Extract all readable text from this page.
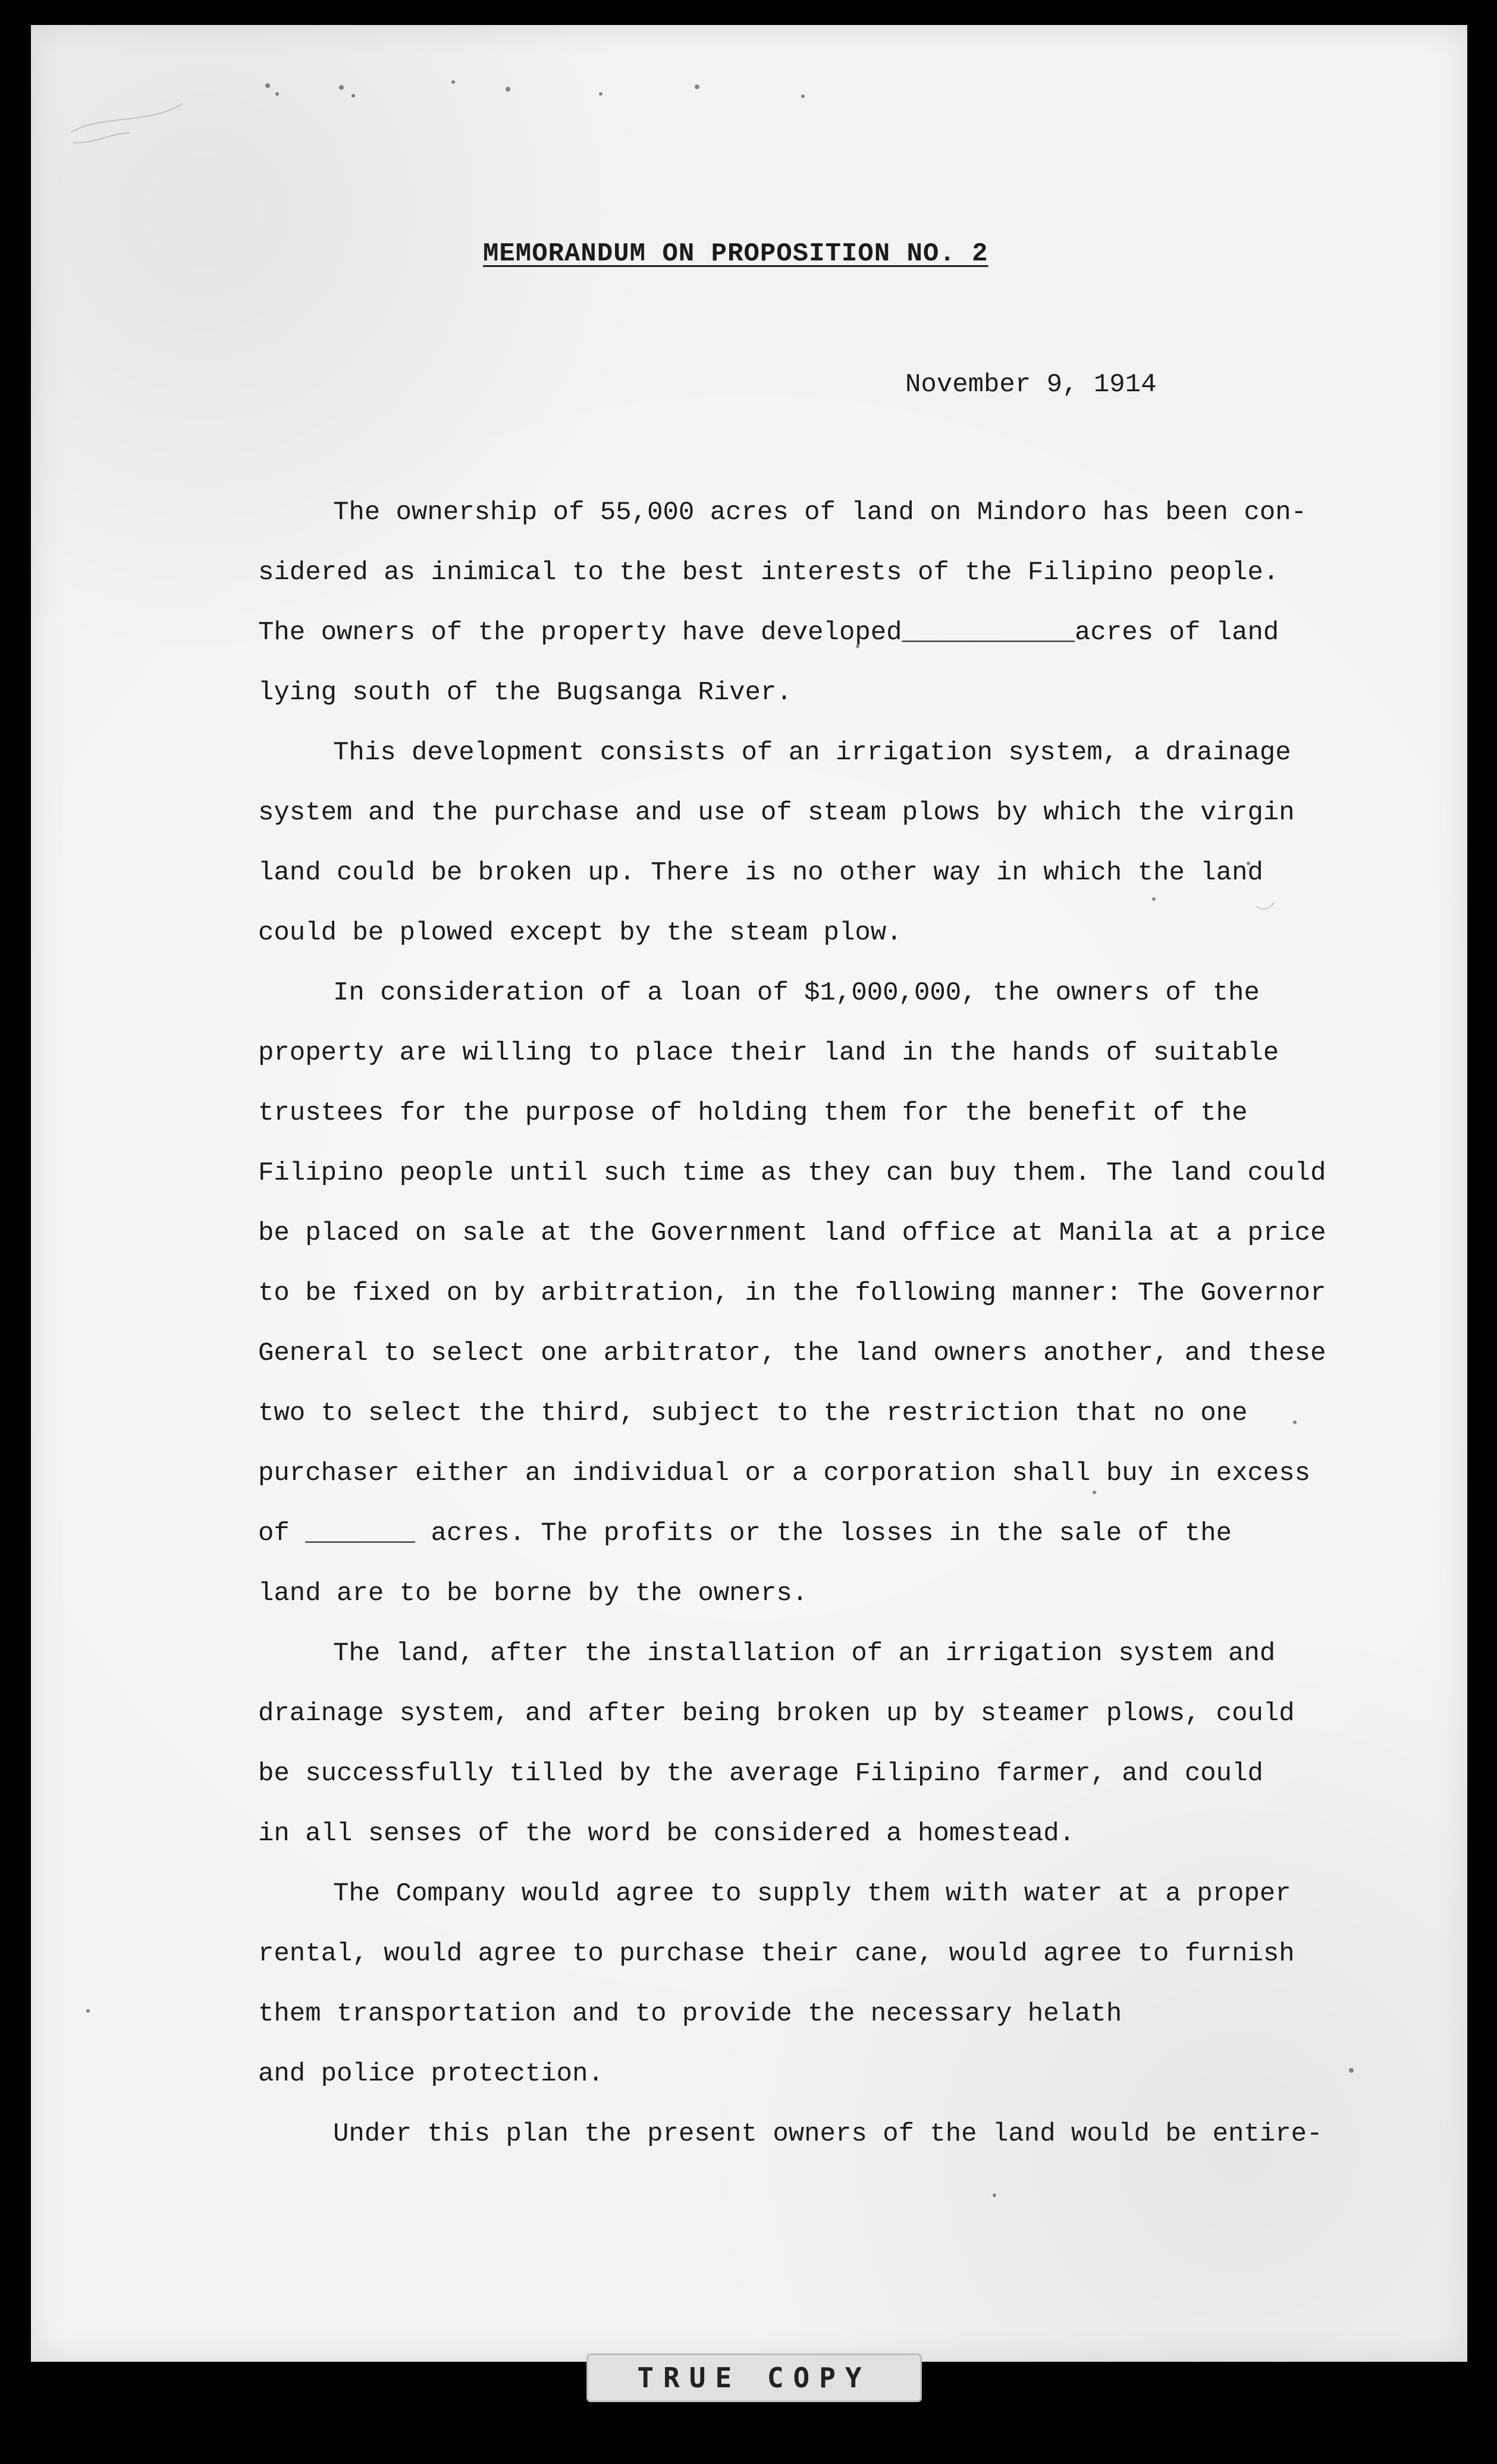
MEMORANDUM ON PROPOSITION NO. 2
November 9, 1914
The ownership of 55,000 acres of land on Mindoro has been con-
sidered as inimical to the best interests of the Filipino people.
The owners of the property have developed___________acres of land
lying south of the Bugsanga River.
This development consists of an irrigation system, a drainage
system and the purchase and use of steam plows by which the virgin
land could be broken up. There is no other way in which the land
could be plowed except by the steam plow.
In consideration of a loan of $1,000,000, the owners of the
property are willing to place their land in the hands of suitable
trustees for the purpose of holding them for the benefit of the
Filipino people until such time as they can buy them. The land could
be placed on sale at the Government land office at Manila at a price
to be fixed on by arbitration, in the following manner: The Governor
General to select one arbitrator, the land owners another, and these
two to select the third, subject to the restriction that no one
purchaser either an individual or a corporation shall buy in excess
of _______ acres. The profits or the losses in the sale of the
land are to be borne by the owners.
The land, after the installation of an irrigation system and
drainage system, and after being broken up by steamer plows, could
be successfully tilled by the average Filipino farmer, and could
in all senses of the word be considered a homestead.
The Company would agree to supply them with water at a proper
rental, would agree to purchase their cane, would agree to furnish
them transportation and to provide the necessary helath
and police protection.
Under this plan the present owners of the land would be entire-
TRUE COPY
